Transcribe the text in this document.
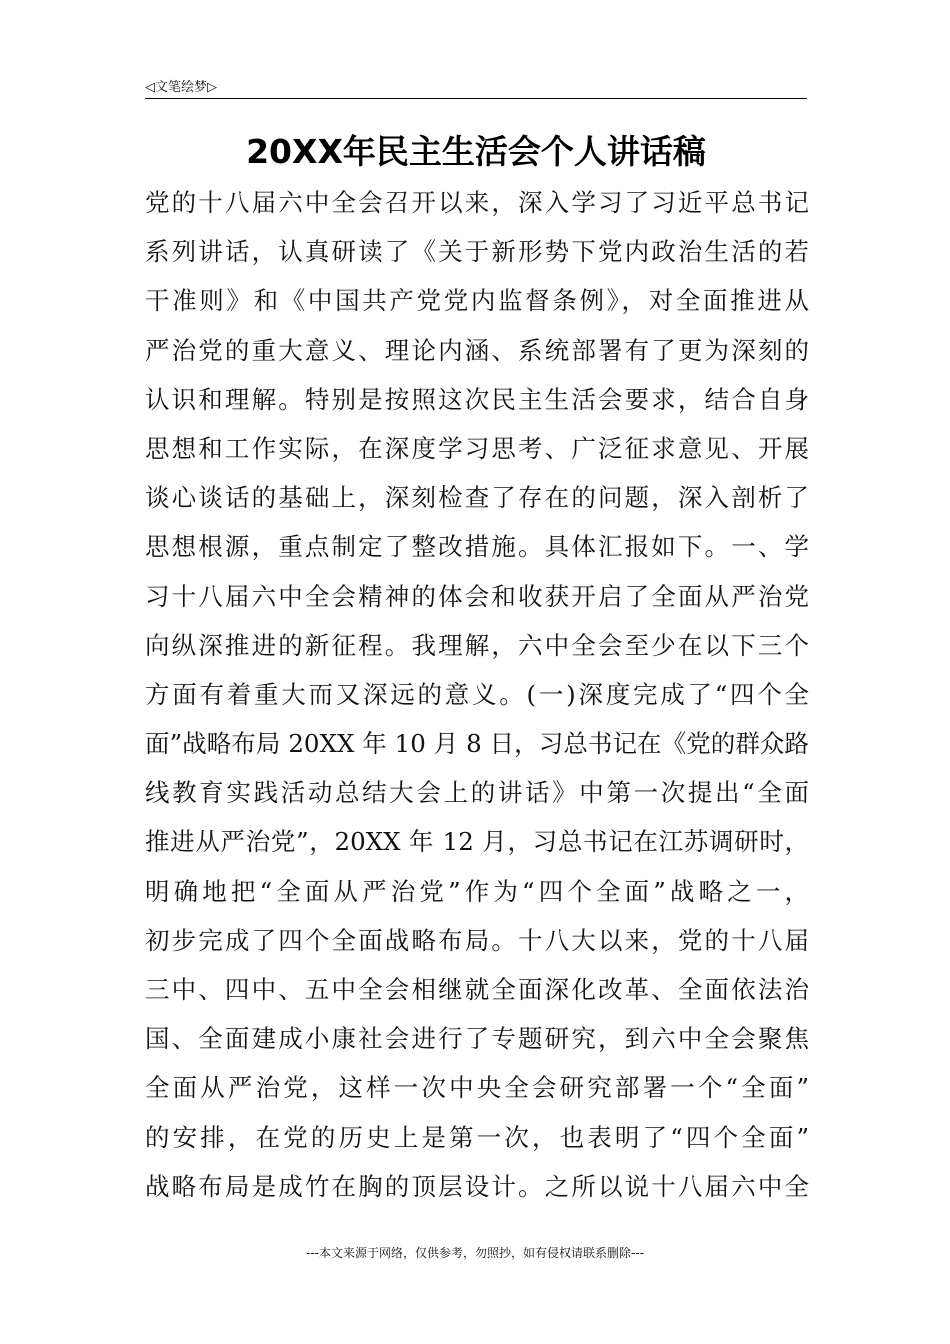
◁文笔绘梦▷
20XX年民主生活会个人讲话稿
党的十八届六中全会召开以来，深入学习了习近平总书记
系列讲话，认真研读了《关于新形势下党内政治生活的若
干准则》和《中国共产党党内监督条例》，对全面推进从
严治党的重大意义、理论内涵、系统部署有了更为深刻的
认识和理解。特别是按照这次民主生活会要求，结合自身
思想和工作实际，在深度学习思考、广泛征求意见、开展
谈心谈话的基础上，深刻检查了存在的问题，深入剖析了
思想根源，重点制定了整改措施。具体汇报如下。一、学
习十八届六中全会精神的体会和收获开启了全面从严治党
向纵深推进的新征程。我理解，六中全会至少在以下三个
方面有着重大而又深远的意义。(一)深度完成了“四个全
面”战略布局 20XX 年 10 月 8 日，习总书记在《党的群众路
线教育实践活动总结大会上的讲话》中第一次提出“全面
推进从严治党”，20XX 年 12 月，习总书记在江苏调研时，
明确地把“全面从严治党”作为“四个全面”战略之一，
初步完成了四个全面战略布局。十八大以来，党的十八届
三中、四中、五中全会相继就全面深化改革、全面依法治
国、全面建成小康社会进行了专题研究，到六中全会聚焦
全面从严治党，这样一次中央全会研究部署一个“全面”
的安排，在党的历史上是第一次，也表明了“四个全面”
战略布局是成竹在胸的顶层设计。之所以说十八届六中全
---本文来源于网络，仅供参考，勿照抄，如有侵权请联系删除---
